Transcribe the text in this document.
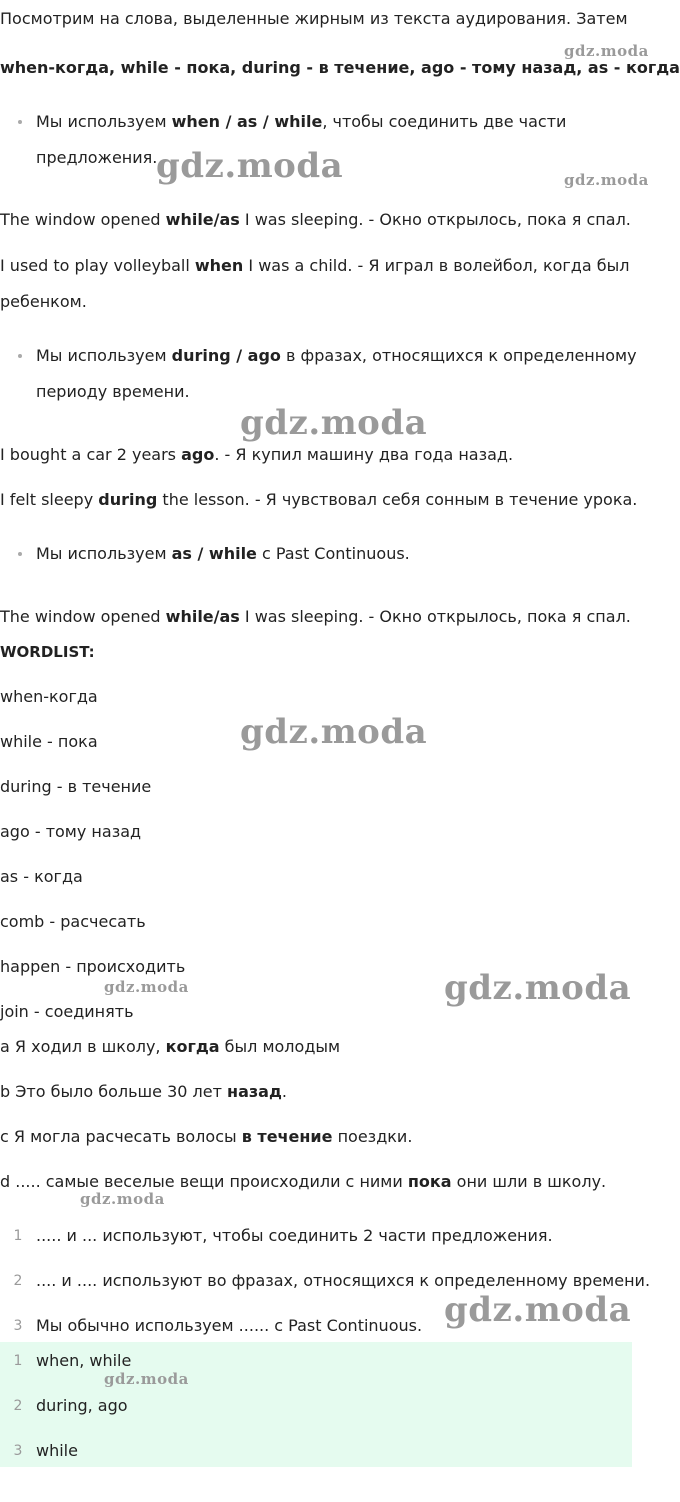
Посмотрим на слова, выделенные жирным из текста аудирования. Затем
when-когда, while - пока, during - в течение, ago - тому назад, as - когда
Мы используем when / as / while, чтобы соединить две части
предложения.
The window opened while/as I was sleeping. - Окно открылось, пока я спал.
I used to play volleyball when I was a child. - Я играл в волейбол, когда был
ребенком.
Мы используем during / ago в фразах, относящихся к определенному
периоду времени.
I bought a car 2 years ago. - Я купил машину два года назад.
I felt sleepy during the lesson. - Я чувствовал себя сонным в течение урока.
Мы используем as / while с Past Continuous.
The window opened while/as I was sleeping. - Окно открылось, пока я спал.
WORDLIST:
when-когда
while - пока
during - в течение
ago - тому назад
as - когда
comb - расчесать
happen - происходить
join - соединять
a Я ходил в школу, когда был молодым
b Это было больше 30 лет назад.
c Я могла расчесать волосы в течение поездки.
d ..... самые веселые вещи происходили с ними пока они шли в школу.
1 ..... и ... используют, чтобы соединить 2 части предложения.
2 .... и .... используют во фразах, относящихся к определенному времени.
3 Мы обычно используем ...... с Past Continuous.
1 when, while
2 during, ago
3 while
gdz.moda
gdz.moda	gdz.moda
gdz.moda
gdz.moda
gdz.moda	gdz.moda
gdz.moda
gdz.moda
gdz.moda
